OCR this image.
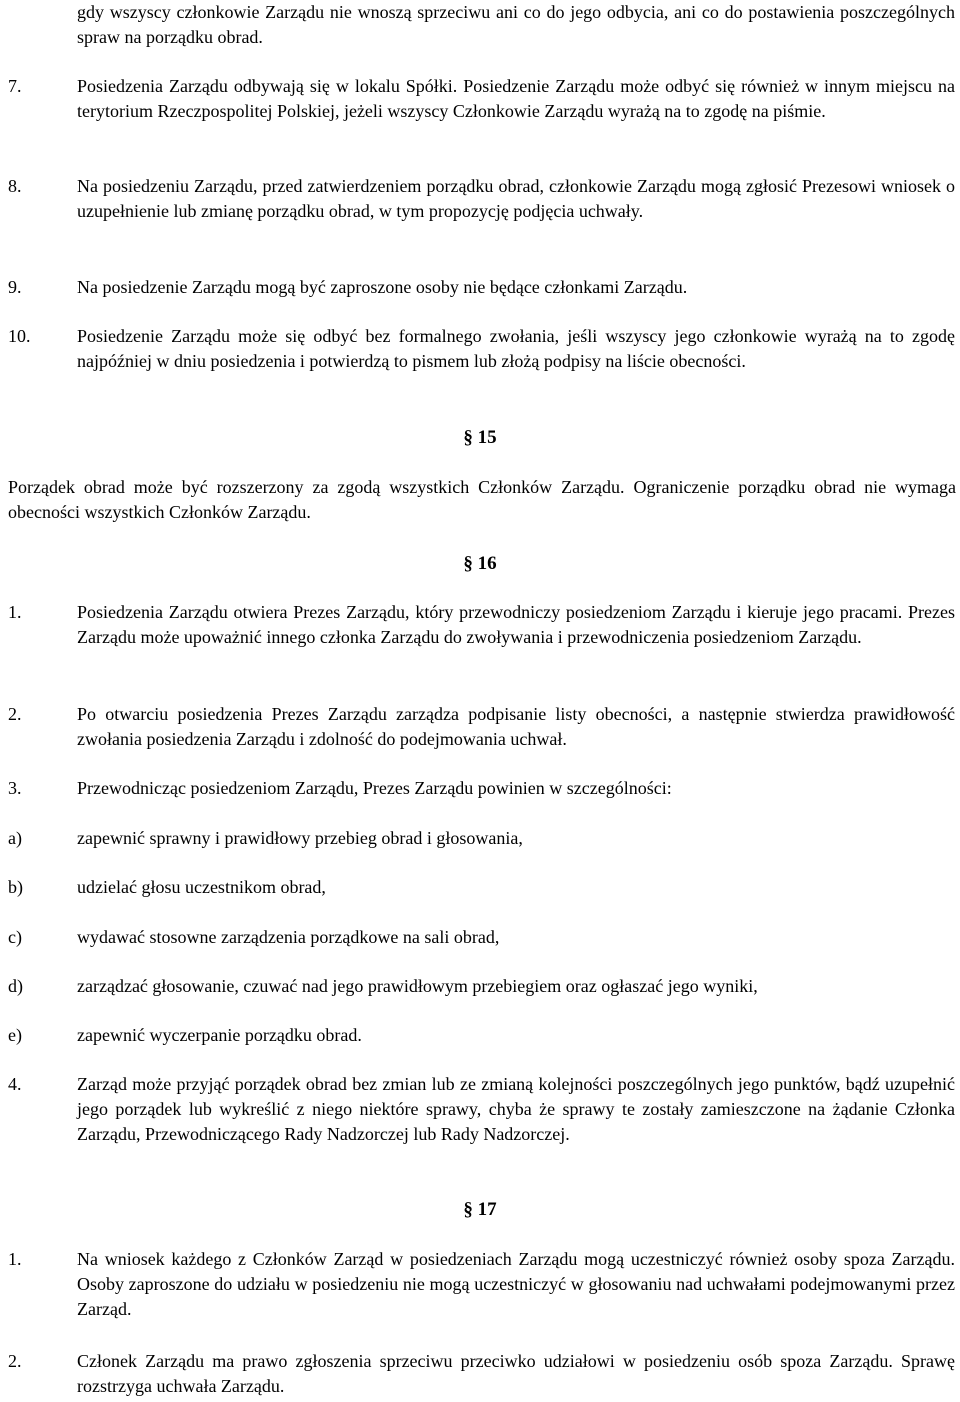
gdy wszyscy członkowie Zarządu nie wnoszą sprzeciwu ani co do jego odbycia, ani co do postawienia poszczególnych spraw na porządku obrad.
7.	Posiedzenia Zarządu odbywają się w lokalu Spółki. Posiedzenie Zarządu może odbyć się również w innym miejscu na terytorium Rzeczpospolitej Polskiej, jeżeli wszyscy Członkowie Zarządu wyrażą na to zgodę na piśmie.
8.	Na posiedzeniu Zarządu, przed zatwierdzeniem porządku obrad, członkowie Zarządu mogą zgłosić Prezesowi wniosek o uzupełnienie lub zmianę porządku obrad, w tym propozycję podjęcia uchwały.
9.	Na posiedzenie Zarządu mogą być zaproszone osoby nie będące członkami Zarządu.
10.	Posiedzenie Zarządu może się odbyć bez formalnego zwołania, jeśli wszyscy jego członkowie wyrażą na to zgodę najpóźniej w dniu posiedzenia i potwierdzą to pismem lub złożą podpisy na liście obecności.
§ 15
Porządek obrad może być rozszerzony za zgodą wszystkich Członków Zarządu. Ograniczenie porządku obrad nie wymaga obecności wszystkich Członków Zarządu.
§ 16
1.	Posiedzenia Zarządu otwiera Prezes Zarządu, który przewodniczy posiedzeniom Zarządu i kieruje jego pracami. Prezes Zarządu może upoważnić innego członka Zarządu do zwoływania i przewodniczenia posiedzeniom Zarządu.
2.	Po otwarciu posiedzenia Prezes Zarządu zarządza podpisanie listy obecności, a następnie stwierdza prawidłowość zwołania posiedzenia Zarządu i zdolność do podejmowania uchwał.
3.	Przewodnicząc posiedzeniom Zarządu, Prezes Zarządu powinien w szczególności:
a)	zapewnić sprawny i prawidłowy przebieg obrad i głosowania,
b)	udzielać głosu uczestnikom obrad,
c)	wydawać stosowne zarządzenia porządkowe na sali obrad,
d)	zarządzać głosowanie, czuwać nad jego prawidłowym przebiegiem oraz ogłaszać jego wyniki,
e)	zapewnić wyczerpanie porządku obrad.
4.	Zarząd może przyjąć porządek obrad bez zmian lub ze zmianą kolejności poszczególnych jego punktów, bądź uzupełnić jego porządek lub wykreślić z niego niektóre sprawy, chyba że sprawy te zostały zamieszczone na żądanie Członka Zarządu, Przewodniczącego Rady Nadzorczej lub Rady Nadzorczej.
§ 17
1.	Na wniosek każdego z Członków Zarząd w posiedzeniach Zarządu mogą uczestniczyć również osoby spoza Zarządu. Osoby zaproszone do udziału w posiedzeniu nie mogą uczestniczyć w głosowaniu nad uchwałami podejmowanymi przez Zarząd.
2.	Członek Zarządu ma prawo zgłoszenia sprzeciwu przeciwko udziałowi w posiedzeniu osób spoza Zarządu. Sprawę rozstrzyga uchwała Zarządu.
